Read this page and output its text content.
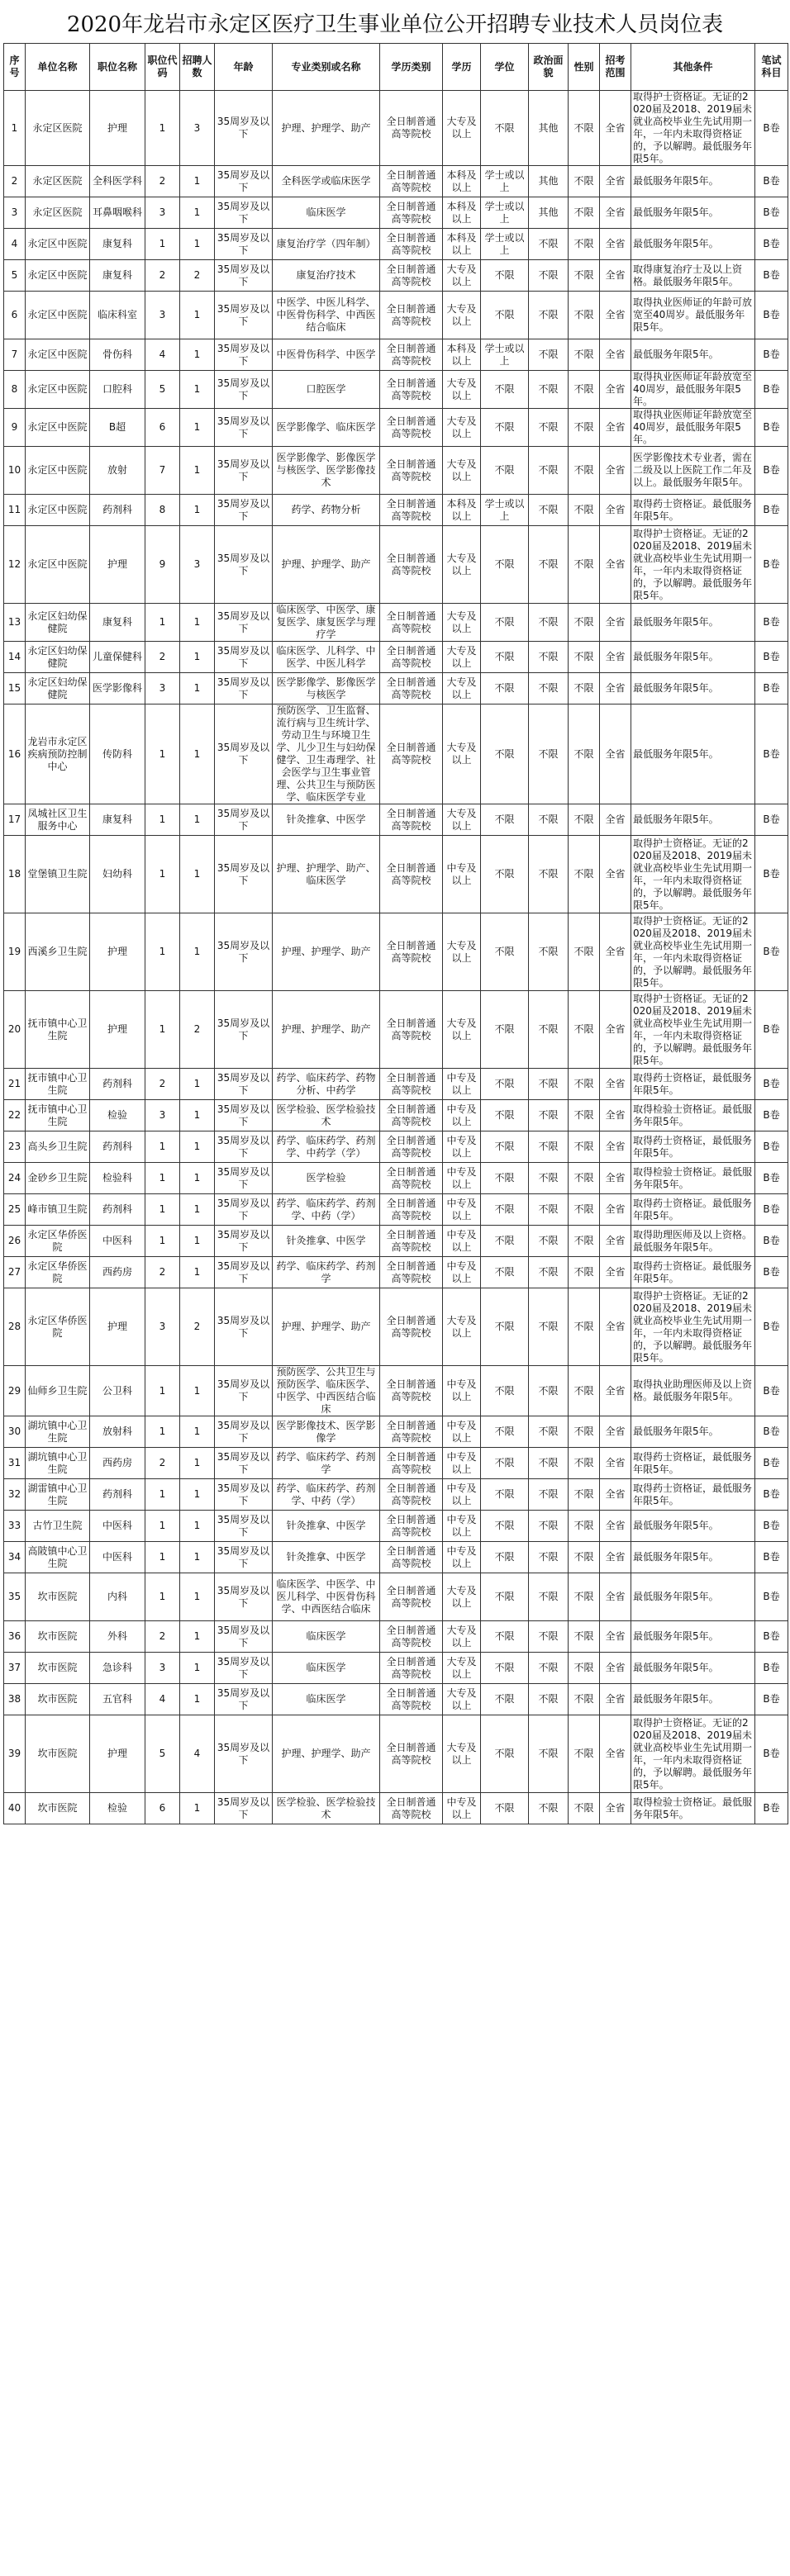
2020年龙岩市永定区医疗卫生事业单位公开招聘专业技术人员岗位表
序号	单位名称	职位名称	职位代码	招聘人数	年龄	专业类别或名称	学历类别	学历	学位	政治面貌	性别	招考范围	其他条件	笔试科目
1	永定区医院	护理	1	3	35周岁及以下	护理、护理学、助产	全日制普通高等院校	大专及以上	不限	其他	不限	全省	取得护士资格证。无证的2020届及2018、2019届未就业高校毕业生先试用期一年，一年内未取得资格证的，予以解聘。最低服务年限5年。	B卷
2	永定区医院	全科医学科	2	1	35周岁及以下	全科医学或临床医学	全日制普通高等院校	本科及以上	学士或以上	其他	不限	全省	最低服务年限5年。	B卷
3	永定区医院	耳鼻咽喉科	3	1	35周岁及以下	临床医学	全日制普通高等院校	本科及以上	学士或以上	其他	不限	全省	最低服务年限5年。	B卷
4	永定区中医院	康复科	1	1	35周岁及以下	康复治疗学（四年制）	全日制普通高等院校	本科及以上	学士或以上	不限	不限	全省	最低服务年限5年。	B卷
5	永定区中医院	康复科	2	2	35周岁及以下	康复治疗技术	全日制普通高等院校	大专及以上	不限	不限	不限	全省	取得康复治疗士及以上资格。最低服务年限5年。	B卷
6	永定区中医院	临床科室	3	1	35周岁及以下	中医学、中医儿科学、中医骨伤科学、中西医结合临床	全日制普通高等院校	大专及以上	不限	不限	不限	全省	取得执业医师证的年龄可放宽至40周岁。最低服务年限5年。	B卷
7	永定区中医院	骨伤科	4	1	35周岁及以下	中医骨伤科学、中医学	全日制普通高等院校	本科及以上	学士或以上	不限	不限	全省	最低服务年限5年。	B卷
8	永定区中医院	口腔科	5	1	35周岁及以下	口腔医学	全日制普通高等院校	大专及以上	不限	不限	不限	全省	取得执业医师证年龄放宽至40周岁，最低服务年限5年。	B卷
9	永定区中医院	B超	6	1	35周岁及以下	医学影像学、临床医学	全日制普通高等院校	大专及以上	不限	不限	不限	全省	取得执业医师证年龄放宽至40周岁，最低服务年限5年。	B卷
10	永定区中医院	放射	7	1	35周岁及以下	医学影像学、影像医学与核医学、医学影像技术	全日制普通高等院校	大专及以上	不限	不限	不限	全省	医学影像技术专业者，需在二级及以上医院工作二年及以上。最低服务年限5年。	B卷
11	永定区中医院	药剂科	8	1	35周岁及以下	药学、药物分析	全日制普通高等院校	本科及以上	学士或以上	不限	不限	全省	取得药士资格证。最低服务年限5年。	B卷
12	永定区中医院	护理	9	3	35周岁及以下	护理、护理学、助产	全日制普通高等院校	大专及以上	不限	不限	不限	全省	取得护士资格证。无证的2020届及2018、2019届未就业高校毕业生先试用期一年，一年内未取得资格证的，予以解聘。最低服务年限5年。	B卷
13	永定区妇幼保健院	康复科	1	1	35周岁及以下	临床医学、中医学、康复医学、康复医学与理疗学	全日制普通高等院校	大专及以上	不限	不限	不限	全省	最低服务年限5年。	B卷
14	永定区妇幼保健院	儿童保健科	2	1	35周岁及以下	临床医学、儿科学、中医学、中医儿科学	全日制普通高等院校	大专及以上	不限	不限	不限	全省	最低服务年限5年。	B卷
15	永定区妇幼保健院	医学影像科	3	1	35周岁及以下	医学影像学、影像医学与核医学	全日制普通高等院校	大专及以上	不限	不限	不限	全省	最低服务年限5年。	B卷
16	龙岩市永定区疾病预防控制中心	传防科	1	1	35周岁及以下	预防医学、卫生监督、流行病与卫生统计学、劳动卫生与环境卫生学、儿少卫生与妇幼保健学、卫生毒理学、社会医学与卫生事业管理、公共卫生与预防医学、临床医学专业	全日制普通高等院校	大专及以上	不限	不限	不限	全省	最低服务年限5年。	B卷
17	凤城社区卫生服务中心	康复科	1	1	35周岁及以下	针灸推拿、中医学	全日制普通高等院校	大专及以上	不限	不限	不限	全省	最低服务年限5年。	B卷
18	堂堡镇卫生院	妇幼科	1	1	35周岁及以下	护理、护理学、助产、临床医学	全日制普通高等院校	中专及以上	不限	不限	不限	全省	取得护士资格证。无证的2020届及2018、2019届未就业高校毕业生先试用期一年，一年内未取得资格证的，予以解聘。最低服务年限5年。	B卷
19	西溪乡卫生院	护理	1	1	35周岁及以下	护理、护理学、助产	全日制普通高等院校	大专及以上	不限	不限	不限	全省	取得护士资格证。无证的2020届及2018、2019届未就业高校毕业生先试用期一年，一年内未取得资格证的，予以解聘。最低服务年限5年。	B卷
20	抚市镇中心卫生院	护理	1	2	35周岁及以下	护理、护理学、助产	全日制普通高等院校	大专及以上	不限	不限	不限	全省	取得护士资格证。无证的2020届及2018、2019届未就业高校毕业生先试用期一年，一年内未取得资格证的，予以解聘。最低服务年限5年。	B卷
21	抚市镇中心卫生院	药剂科	2	1	35周岁及以下	药学、临床药学、药物分析、中药学	全日制普通高等院校	中专及以上	不限	不限	不限	全省	取得药士资格证，最低服务年限5年。	B卷
22	抚市镇中心卫生院	检验	3	1	35周岁及以下	医学检验、医学检验技术	全日制普通高等院校	中专及以上	不限	不限	不限	全省	取得检验士资格证。最低服务年限5年。	B卷
23	高头乡卫生院	药剂科	1	1	35周岁及以下	药学、临床药学、药剂学、中药学（学）	全日制普通高等院校	中专及以上	不限	不限	不限	全省	取得药士资格证，最低服务年限5年。	B卷
24	金砂乡卫生院	检验科	1	1	35周岁及以下	医学检验	全日制普通高等院校	中专及以上	不限	不限	不限	全省	取得检验士资格证。最低服务年限5年。	B卷
25	峰市镇卫生院	药剂科	1	1	35周岁及以下	药学、临床药学、药剂学、中药（学）	全日制普通高等院校	中专及以上	不限	不限	不限	全省	取得药士资格证。最低服务年限5年。	B卷
26	永定区华侨医院	中医科	1	1	35周岁及以下	针灸推拿、中医学	全日制普通高等院校	中专及以上	不限	不限	不限	全省	取得助理医师及以上资格。最低服务年限5年。	B卷
27	永定区华侨医院	西药房	2	1	35周岁及以下	药学、临床药学、药剂学	全日制普通高等院校	中专及以上	不限	不限	不限	全省	取得药士资格证。最低服务年限5年。	B卷
28	永定区华侨医院	护理	3	2	35周岁及以下	护理、护理学、助产	全日制普通高等院校	大专及以上	不限	不限	不限	全省	取得护士资格证。无证的2020届及2018、2019届未就业高校毕业生先试用期一年，一年内未取得资格证的，予以解聘。最低服务年限5年。	B卷
29	仙师乡卫生院	公卫科	1	1	35周岁及以下	预防医学、公共卫生与预防医学、临床医学、中医学、中西医结合临床	全日制普通高等院校	中专及以上	不限	不限	不限	全省	取得执业助理医师及以上资格。最低服务年限5年。	B卷
30	湖坑镇中心卫生院	放射科	1	1	35周岁及以下	医学影像技术、医学影像学	全日制普通高等院校	中专及以上	不限	不限	不限	全省	最低服务年限5年。	B卷
31	湖坑镇中心卫生院	西药房	2	1	35周岁及以下	药学、临床药学、药剂学	全日制普通高等院校	中专及以上	不限	不限	不限	全省	取得药士资格证，最低服务年限5年。	B卷
32	湖雷镇中心卫生院	药剂科	1	1	35周岁及以下	药学、临床药学、药剂学、中药（学）	全日制普通高等院校	中专及以上	不限	不限	不限	全省	取得药士资格证，最低服务年限5年。	B卷
33	古竹卫生院	中医科	1	1	35周岁及以下	针灸推拿、中医学	全日制普通高等院校	中专及以上	不限	不限	不限	全省	最低服务年限5年。	B卷
34	高陂镇中心卫生院	中医科	1	1	35周岁及以下	针灸推拿、中医学	全日制普通高等院校	中专及以上	不限	不限	不限	全省	最低服务年限5年。	B卷
35	坎市医院	内科	1	1	35周岁及以下	临床医学、中医学、中医儿科学、中医骨伤科学、中西医结合临床	全日制普通高等院校	大专及以上	不限	不限	不限	全省	最低服务年限5年。	B卷
36	坎市医院	外科	2	1	35周岁及以下	临床医学	全日制普通高等院校	大专及以上	不限	不限	不限	全省	最低服务年限5年。	B卷
37	坎市医院	急诊科	3	1	35周岁及以下	临床医学	全日制普通高等院校	大专及以上	不限	不限	不限	全省	最低服务年限5年。	B卷
38	坎市医院	五官科	4	1	35周岁及以下	临床医学	全日制普通高等院校	大专及以上	不限	不限	不限	全省	最低服务年限5年。	B卷
39	坎市医院	护理	5	4	35周岁及以下	护理、护理学、助产	全日制普通高等院校	大专及以上	不限	不限	不限	全省	取得护士资格证。无证的2020届及2018、2019届未就业高校毕业生先试用期一年，一年内未取得资格证的，予以解聘。最低服务年限5年。	B卷
40	坎市医院	检验	6	1	35周岁及以下	医学检验、医学检验技术	全日制普通高等院校	中专及以上	不限	不限	不限	全省	取得检验士资格证。最低服务年限5年。	B卷
